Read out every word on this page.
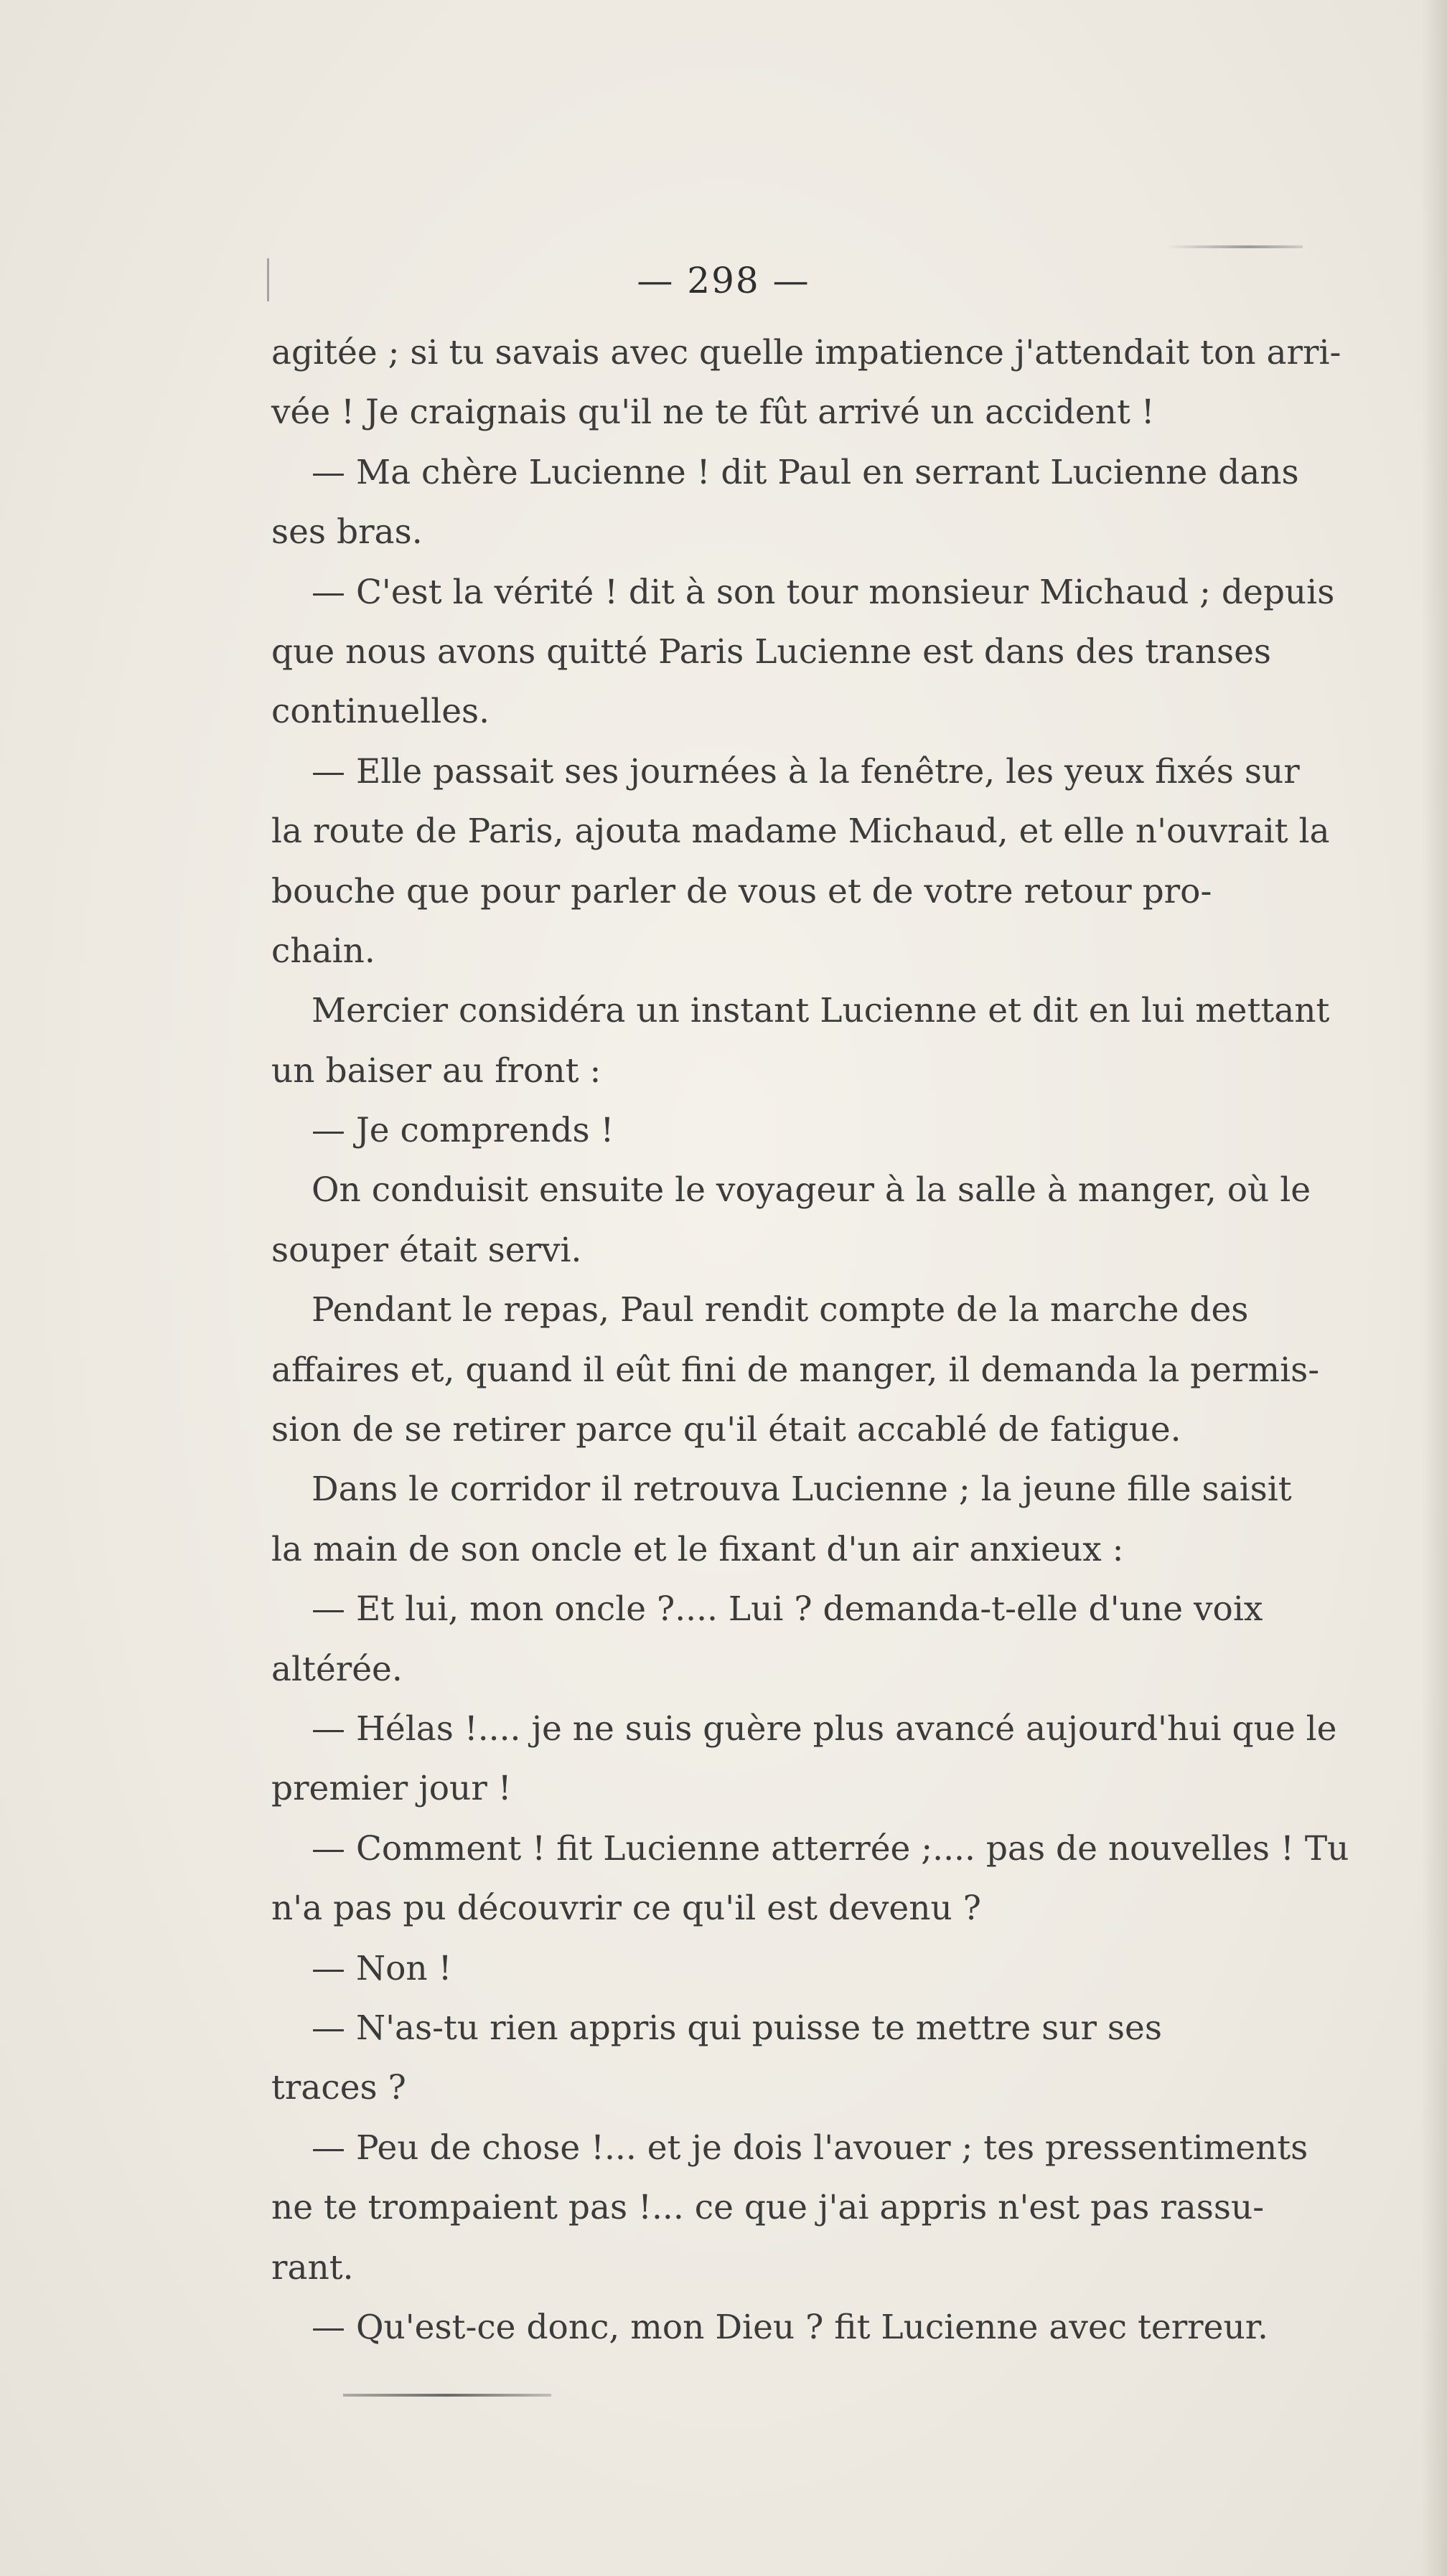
— 298 —
agitée ; si tu savais avec quelle impatience j'attendait ton arri-
vée ! Je craignais qu'il ne te fût arrivé un accident !
— Ma chère Lucienne ! dit Paul en serrant Lucienne dans
ses bras.
— C'est la vérité ! dit à son tour monsieur Michaud ; depuis
que nous avons quitté Paris Lucienne est dans des transes
continuelles.
— Elle passait ses journées à la fenêtre, les yeux fixés sur
la route de Paris, ajouta madame Michaud, et elle n'ouvrait la
bouche que pour parler de vous et de votre retour pro-
chain.
Mercier considéra un instant Lucienne et dit en lui mettant
un baiser au front :
— Je comprends !
On conduisit ensuite le voyageur à la salle à manger, où le
souper était servi.
Pendant le repas, Paul rendit compte de la marche des
affaires et, quand il eût fini de manger, il demanda la permis-
sion de se retirer parce qu'il était accablé de fatigue.
Dans le corridor il retrouva Lucienne ; la jeune fille saisit
la main de son oncle et le fixant d'un air anxieux :
— Et lui, mon oncle ?.... Lui ? demanda-t-elle d'une voix
altérée.
— Hélas !.... je ne suis guère plus avancé aujourd'hui que le
premier jour !
— Comment ! fit Lucienne atterrée ;.... pas de nouvelles ! Tu
n'a pas pu découvrir ce qu'il est devenu ?
— Non !
— N'as-tu rien appris qui puisse te mettre sur ses
traces ?
— Peu de chose !... et je dois l'avouer ; tes pressentiments
ne te trompaient pas !... ce que j'ai appris n'est pas rassu-
rant.
— Qu'est-ce donc, mon Dieu ? fit Lucienne avec terreur.
